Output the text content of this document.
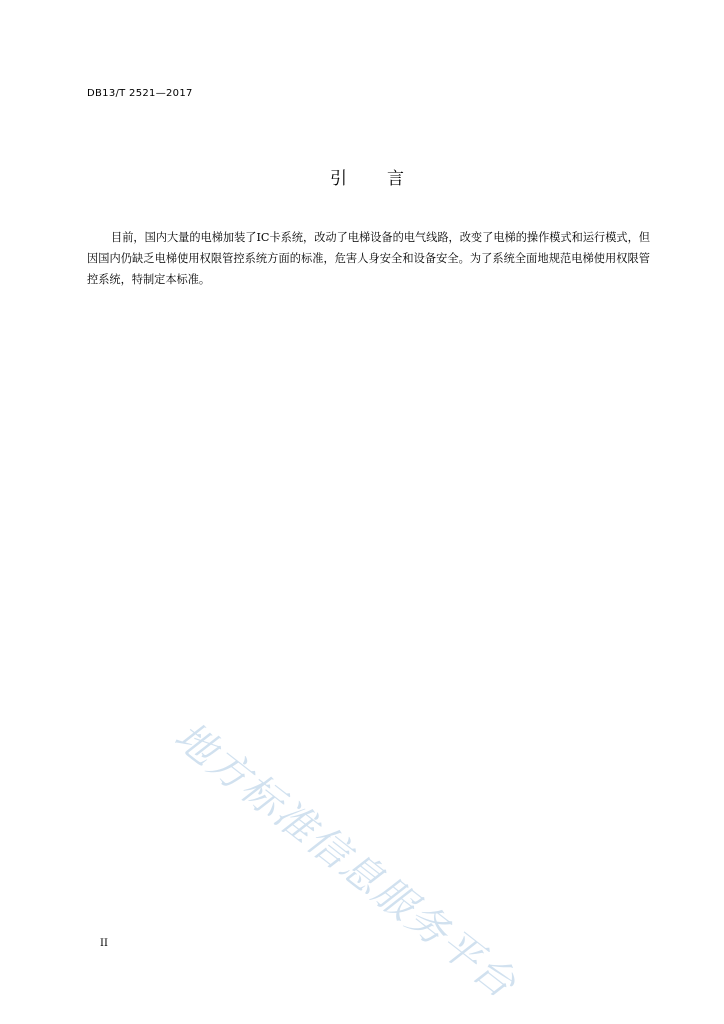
DB13/T 2521—2017
引 言

目前，国内大量的电梯加装了IC卡系统，改动了电梯设备的电气线路，改变了电梯的操作模式和运行模式，但因国内仍缺乏电梯使用权限管控系统方面的标准，危害人身安全和设备安全。为了系统全面地规范电梯使用权限管控系统，特制定本标准。

地方标准信息服务平台
II
